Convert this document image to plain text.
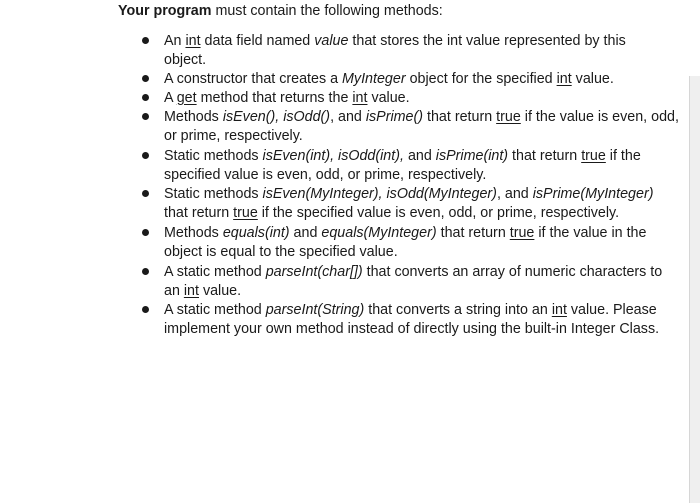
Your program must contain the following methods:

An int data field named value that stores the int value represented by this
object.
A constructor that creates a MyInteger object for the specified int value.
A get method that returns the int value.
Methods isEven(), isOdd(), and isPrime() that return true if the value is even, odd,
or prime, respectively.
Static methods isEven(int), isOdd(int), and isPrime(int) that return true if the
specified value is even, odd, or prime, respectively.
Static methods isEven(MyInteger), isOdd(MyInteger), and isPrime(MyInteger)
that return true if the specified value is even, odd, or prime, respectively.
Methods equals(int) and equals(MyInteger) that return true if the value in the
object is equal to the specified value.
A static method parseInt(char[]) that converts an array of numeric characters to
an int value.
A static method parseInt(String) that converts a string into an int value. Please
implement your own method instead of directly using the built-in Integer Class.
